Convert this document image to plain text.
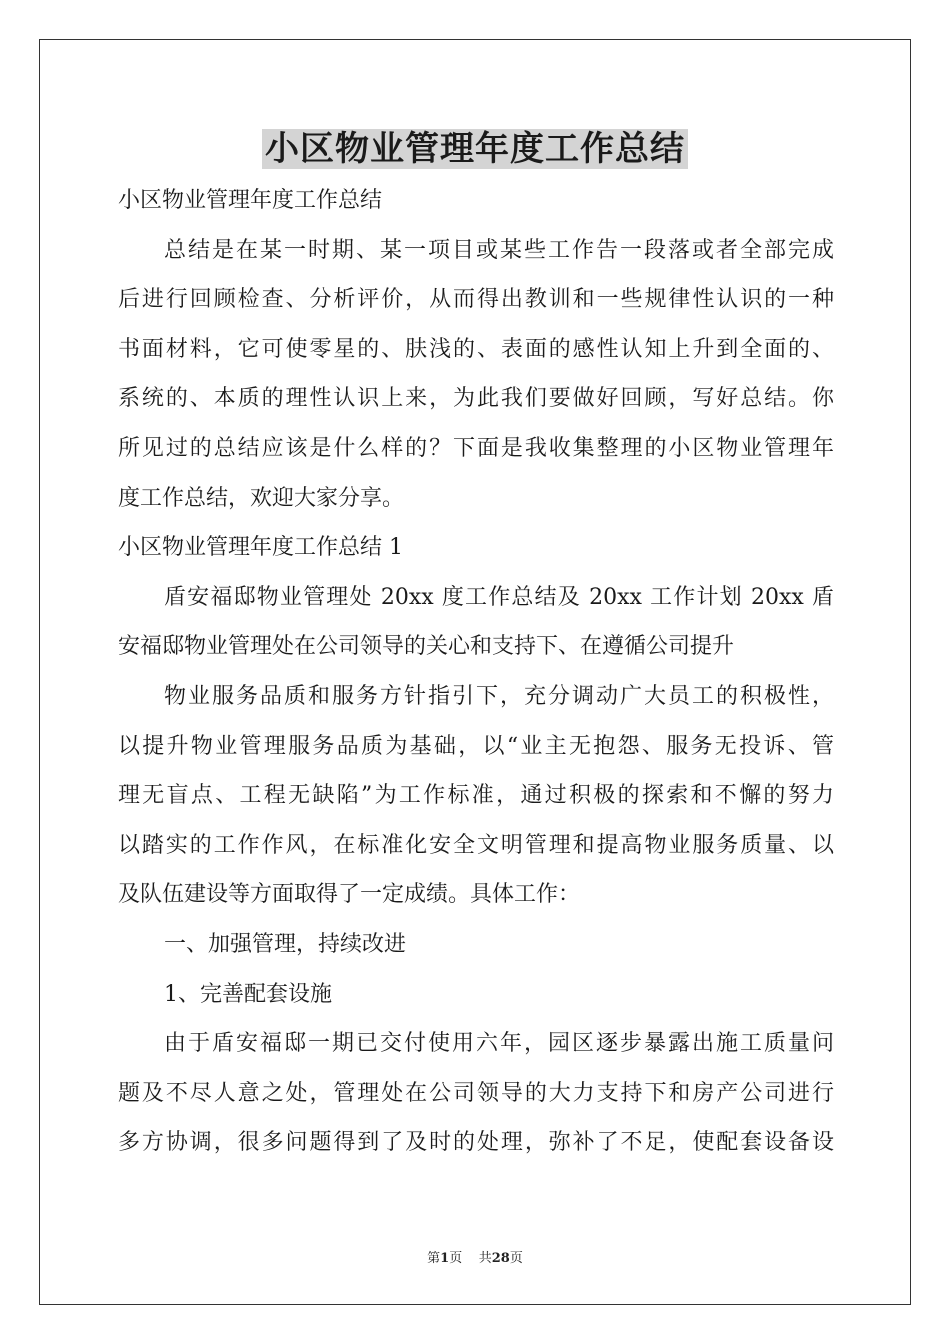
小区物业管理年度工作总结
小区物业管理年度工作总结
总结是在某一时期、某一项目或某些工作告一段落或者全部完成
后进行回顾检查、分析评价，从而得出教训和一些规律性认识的一种
书面材料，它可使零星的、肤浅的、表面的感性认知上升到全面的、
系统的、本质的理性认识上来，为此我们要做好回顾，写好总结。你
所见过的总结应该是什么样的？下面是我收集整理的小区物业管理年
度工作总结，欢迎大家分享。
小区物业管理年度工作总结 1
盾安福邸物业管理处 20xx 度工作总结及 20xx 工作计划 20xx 盾
安福邸物业管理处在公司领导的关心和支持下、在遵循公司提升
物业服务品质和服务方针指引下，充分调动广大员工的积极性，
以提升物业管理服务品质为基础，以“业主无抱怨、服务无投诉、管
理无盲点、工程无缺陷”为工作标准，通过积极的探索和不懈的努力
以踏实的工作作风，在标准化安全文明管理和提高物业服务质量、以
及队伍建设等方面取得了一定成绩。具体工作：
一、加强管理，持续改进
1、完善配套设施
由于盾安福邸一期已交付使用六年，园区逐步暴露出施工质量问
题及不尽人意之处，管理处在公司领导的大力支持下和房产公司进行
多方协调，很多问题得到了及时的处理，弥补了不足，使配套设备设
第1页    共28页
